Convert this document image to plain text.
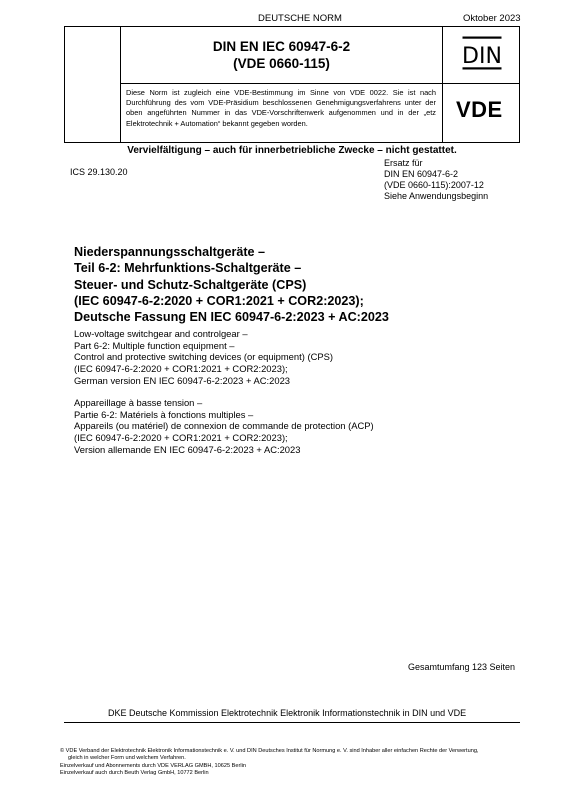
DEUTSCHE NORM	Oktober 2023
DIN EN IEC 60947-6-2
(VDE 0660-115)	DIN
VDE
Diese Norm ist zugleich eine VDE-Bestimmung im Sinne von VDE 0022. Sie ist nach Durchführung des vom VDE-Präsidium beschlossenen Genehmigungsverfahrens unter der oben angeführten Nummer in das VDE-Vorschriftenwerk aufgenommen und in der „etz Elektrotechnik + Automation“ bekannt gegeben worden.
Vervielfältigung – auch für innerbetriebliche Zwecke – nicht gestattet.
ICS 29.130.20
Ersatz für
DIN EN 60947-6-2
(VDE 0660-115):2007-12
Siehe Anwendungsbeginn
Niederspannungsschaltgeräte –
Teil 6-2: Mehrfunktions-Schaltgeräte –
Steuer- und Schutz-Schaltgeräte (CPS)
(IEC 60947-6-2:2020 + COR1:2021 + COR2:2023);
Deutsche Fassung EN IEC 60947-6-2:2023 + AC:2023
Low-voltage switchgear and controlgear –
Part 6-2: Multiple function equipment –
Control and protective switching devices (or equipment) (CPS)
(IEC 60947-6-2:2020 + COR1:2021 + COR2:2023);
German version EN IEC 60947-6-2:2023 + AC:2023
Appareillage à basse tension –
Partie 6-2: Matériels à fonctions multiples –
Appareils (ou matériel) de connexion de commande de protection (ACP)
(IEC 60947-6-2:2020 + COR1:2021 + COR2:2023);
Version allemande EN IEC 60947-6-2:2023 + AC:2023
Gesamtumfang 123 Seiten
DKE Deutsche Kommission Elektrotechnik Elektronik Informationstechnik in DIN und VDE
© VDE Verband der Elektrotechnik Elektronik Informationstechnik e. V. und DIN Deutsches Institut für Normung e. V. sind Inhaber aller einfachen Rechte der Verwertung,
gleich in welcher Form und welchem Verfahren.
Einzelverkauf und Abonnements durch VDE VERLAG GMBH, 10625 Berlin
Einzelverkauf auch durch Beuth Verlag GmbH, 10772 Berlin
